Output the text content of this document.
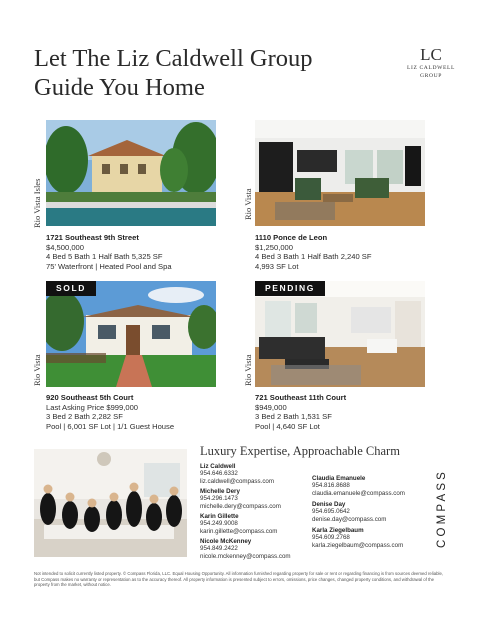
Let The Liz Caldwell Group
Guide You Home
LC
LIZ CALDWELL
GROUP
Rio Vista Isles
1721 Southeast 9th Street
$4,500,000
4 Bed 5 Bath 1 Half Bath 5,325 SF
75' Waterfront | Heated Pool and Spa
Rio Vista
1110 Ponce de Leon
$1,250,000
4 Bed 3 Bath 1 Half Bath 2,240 SF
4,993 SF Lot
Rio Vista
SOLD
920 Southeast 5th Court
Last Asking Price $999,000
3 Bed 2 Bath 2,282 SF
Pool | 6,001 SF Lot | 1/1 Guest House
Rio Vista
PENDING
721 Southeast 11th Court
$949,000
3 Bed 2 Bath 1,531 SF
Pool | 4,640 SF Lot
Luxury Expertise, Approachable Charm
Liz Caldwell
954.646.6332
liz.caldwell@compass.com
Michelle Dery
954.296.1473
michelle.dery@compass.com
Karin Gillette
954.249.9008
karin.gillette@compass.com
Nicole McKenney
954.849.2422
nicole.mckenney@compass.com
Claudia Emanuele
954.816.8688
claudia.emanuele@compass.com
Denise Day
954.695.0642
denise.day@compass.com
Karla Ziegelbaum
954.609.2768
karla.ziegelbaum@compass.com	COMPASS
Not intended to solicit currently listed property. © Compass Florida, LLC. Equal Housing Opportunity. All information furnished regarding property for sale or rent or regarding financing is from sources deemed reliable, but Compass makes no warranty or representation as to the accuracy thereof. All property information is presented subject to errors, omissions, price changes, changed property conditions, and withdrawal of the property from the market, without notice.
